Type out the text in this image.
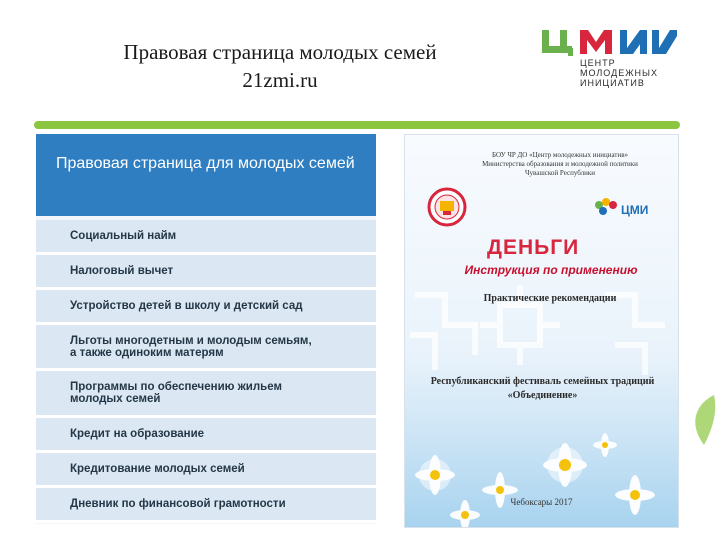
Правовая страница молодых семей
21zmi.ru
ЦЕНТР
МОЛОДЕЖНЫХ
ИНИЦИАТИВ
Правовая страница для молодых семей
Социальный найм
Налоговый вычет
Устройство детей в школу и детский сад
Льготы многодетным и молодым семьям,
а также одиноким матерям
Программы по обеспечению жильем
молодых семей
Кредит на образование
Кредитование молодых семей
Дневник по финансовой грамотности
БОУ ЧР ДО «Центр молодежных инициатив»
Министерства образования и молодежной политики
Чувашской Республики
ЦМИ
ДЕНЬГИ
Инструкция по применению
Практические рекомендации
Республиканский фестиваль семейных традиций
«Объединение»
Чебоксары 2017
